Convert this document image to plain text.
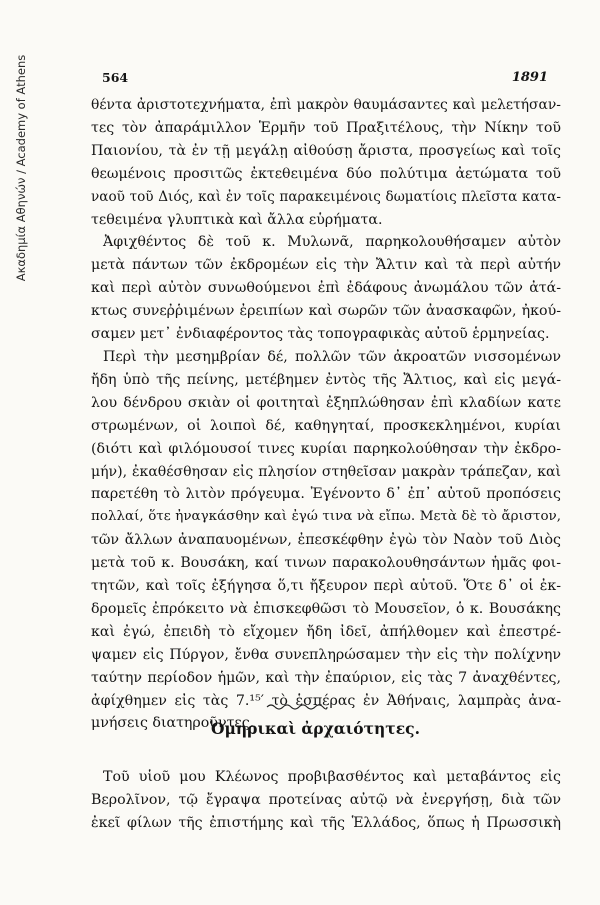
Ακαδημία Αθηνών / Academy of Athens	564	1891
θέντα ἀριστοτεχνήματα, ἐπὶ μακρὸν θαυμάσαντες καὶ μελετήσαν-
τες τὸν ἀπαράμιλλον Ἑρμῆν τοῦ Πραξιτέλους, τὴν Νίκην τοῦ
Παιονίου, τὰ ἐν τῇ μεγάλῃ αἰθούσῃ ἄριστα, προσγείως καὶ τοῖς
θεωμένοις προσιτῶς ἐκτεθειμένα δύο πολύτιμα ἀετώματα τοῦ
ναοῦ τοῦ Διός, καὶ ἐν τοῖς παρακειμένοις δωματίοις πλεῖστα κατα-
τεθειμένα γλυπτικὰ καὶ ἄλλα εὑρήματα.
Ἀφιχθέντος δὲ τοῦ κ. Μυλωνᾶ, παρηκολουθήσαμεν αὐτὸν
μετὰ πάντων τῶν ἐκδρομέων εἰς τὴν Ἄλτιν καὶ τὰ περὶ αὐτήν
καὶ περὶ αὐτὸν συνωθούμενοι ἐπὶ ἐδάφους ἀνωμάλου τῶν ἀτά-
κτως συνεῤῥιμένων ἐρειπίων καὶ σωρῶν τῶν ἀνασκαφῶν, ἠκού-
σαμεν μετ᾽ ἐνδιαφέροντος τὰς τοπογραφικὰς αὐτοῦ ἑρμηνείας.
Περὶ τὴν μεσημβρίαν δέ, πολλῶν τῶν ἀκροατῶν νισσομένων
ἤδη ὑπὸ τῆς πείνης, μετέβημεν ἐντὸς τῆς Ἄλτιος, καὶ εἰς μεγά-
λου δένδρου σκιὰν οἱ φοιτηταὶ ἐξηπλώθησαν ἐπὶ κλαδίων κατε
στρωμένων, οἱ λοιποὶ δέ, καθηγηταί, προσκεκλημένοι, κυρίαι
(διότι καὶ φιλόμουσοί τινες κυρίαι παρηκολούθησαν τὴν ἐκδρο-
μήν), ἐκαθέσθησαν εἰς πλησίον στηθεῖσαν μακρὰν τράπεζαν, καὶ
παρετέθη τὸ λιτὸν πρόγευμα. Ἐγένοντο δ᾽ ἐπ᾽ αὐτοῦ προπόσεις
πολλαί, ὅτε ἠναγκάσθην καὶ ἐγώ τινα νὰ εἴπω. Μετὰ δὲ τὸ ἄριστον,
τῶν ἄλλων ἀναπαυομένων, ἐπεσκέφθην ἐγὼ τὸν Ναὸν τοῦ Διὸς
μετὰ τοῦ κ. Βουσάκη, καί τινων παρακολουθησάντων ἡμᾶς φοι-
τητῶν, καὶ τοῖς ἐξήγησα ὅ,τι ἤξευρον περὶ αὐτοῦ. Ὅτε δ᾽ οἱ ἐκ-
δρομεῖς ἐπρόκειτο νὰ ἐπισκεφθῶσι τὸ Μουσεῖον, ὁ κ. Βουσάκης
καὶ ἐγώ, ἐπειδὴ τὸ εἴχομεν ἤδη ἰδεῖ, ἀπήλθομεν καὶ ἐπεστρέ-
ψαμεν εἰς Πύργον, ἔνθα συνεπληρώσαμεν τὴν εἰς τὴν πολίχνην
ταύτην περίοδον ἡμῶν, καὶ τὴν ἐπαύριον, εἰς τὰς 7 ἀναχθέντες,
ἀφίχθημεν εἰς τὰς 7.¹⁵′ τὸ ἑσπέρας ἐν Ἀθήναις, λαμπρὰς ἀνα-
μνήσεις διατηροῦντες.
Ὁμηρικαὶ ἀρχαιότητες.
Τοῦ υἱοῦ μου Κλέωνος προβιβασθέντος καὶ μεταβάντος εἰς
Βερολῖνον, τῷ ἔγραψα προτείνας αὐτῷ νὰ ἐνεργήσῃ, διὰ τῶν
ἐκεῖ φίλων τῆς ἐπιστήμης καὶ τῆς Ἑλλάδος, ὅπως ἡ Πρωσσικὴ
